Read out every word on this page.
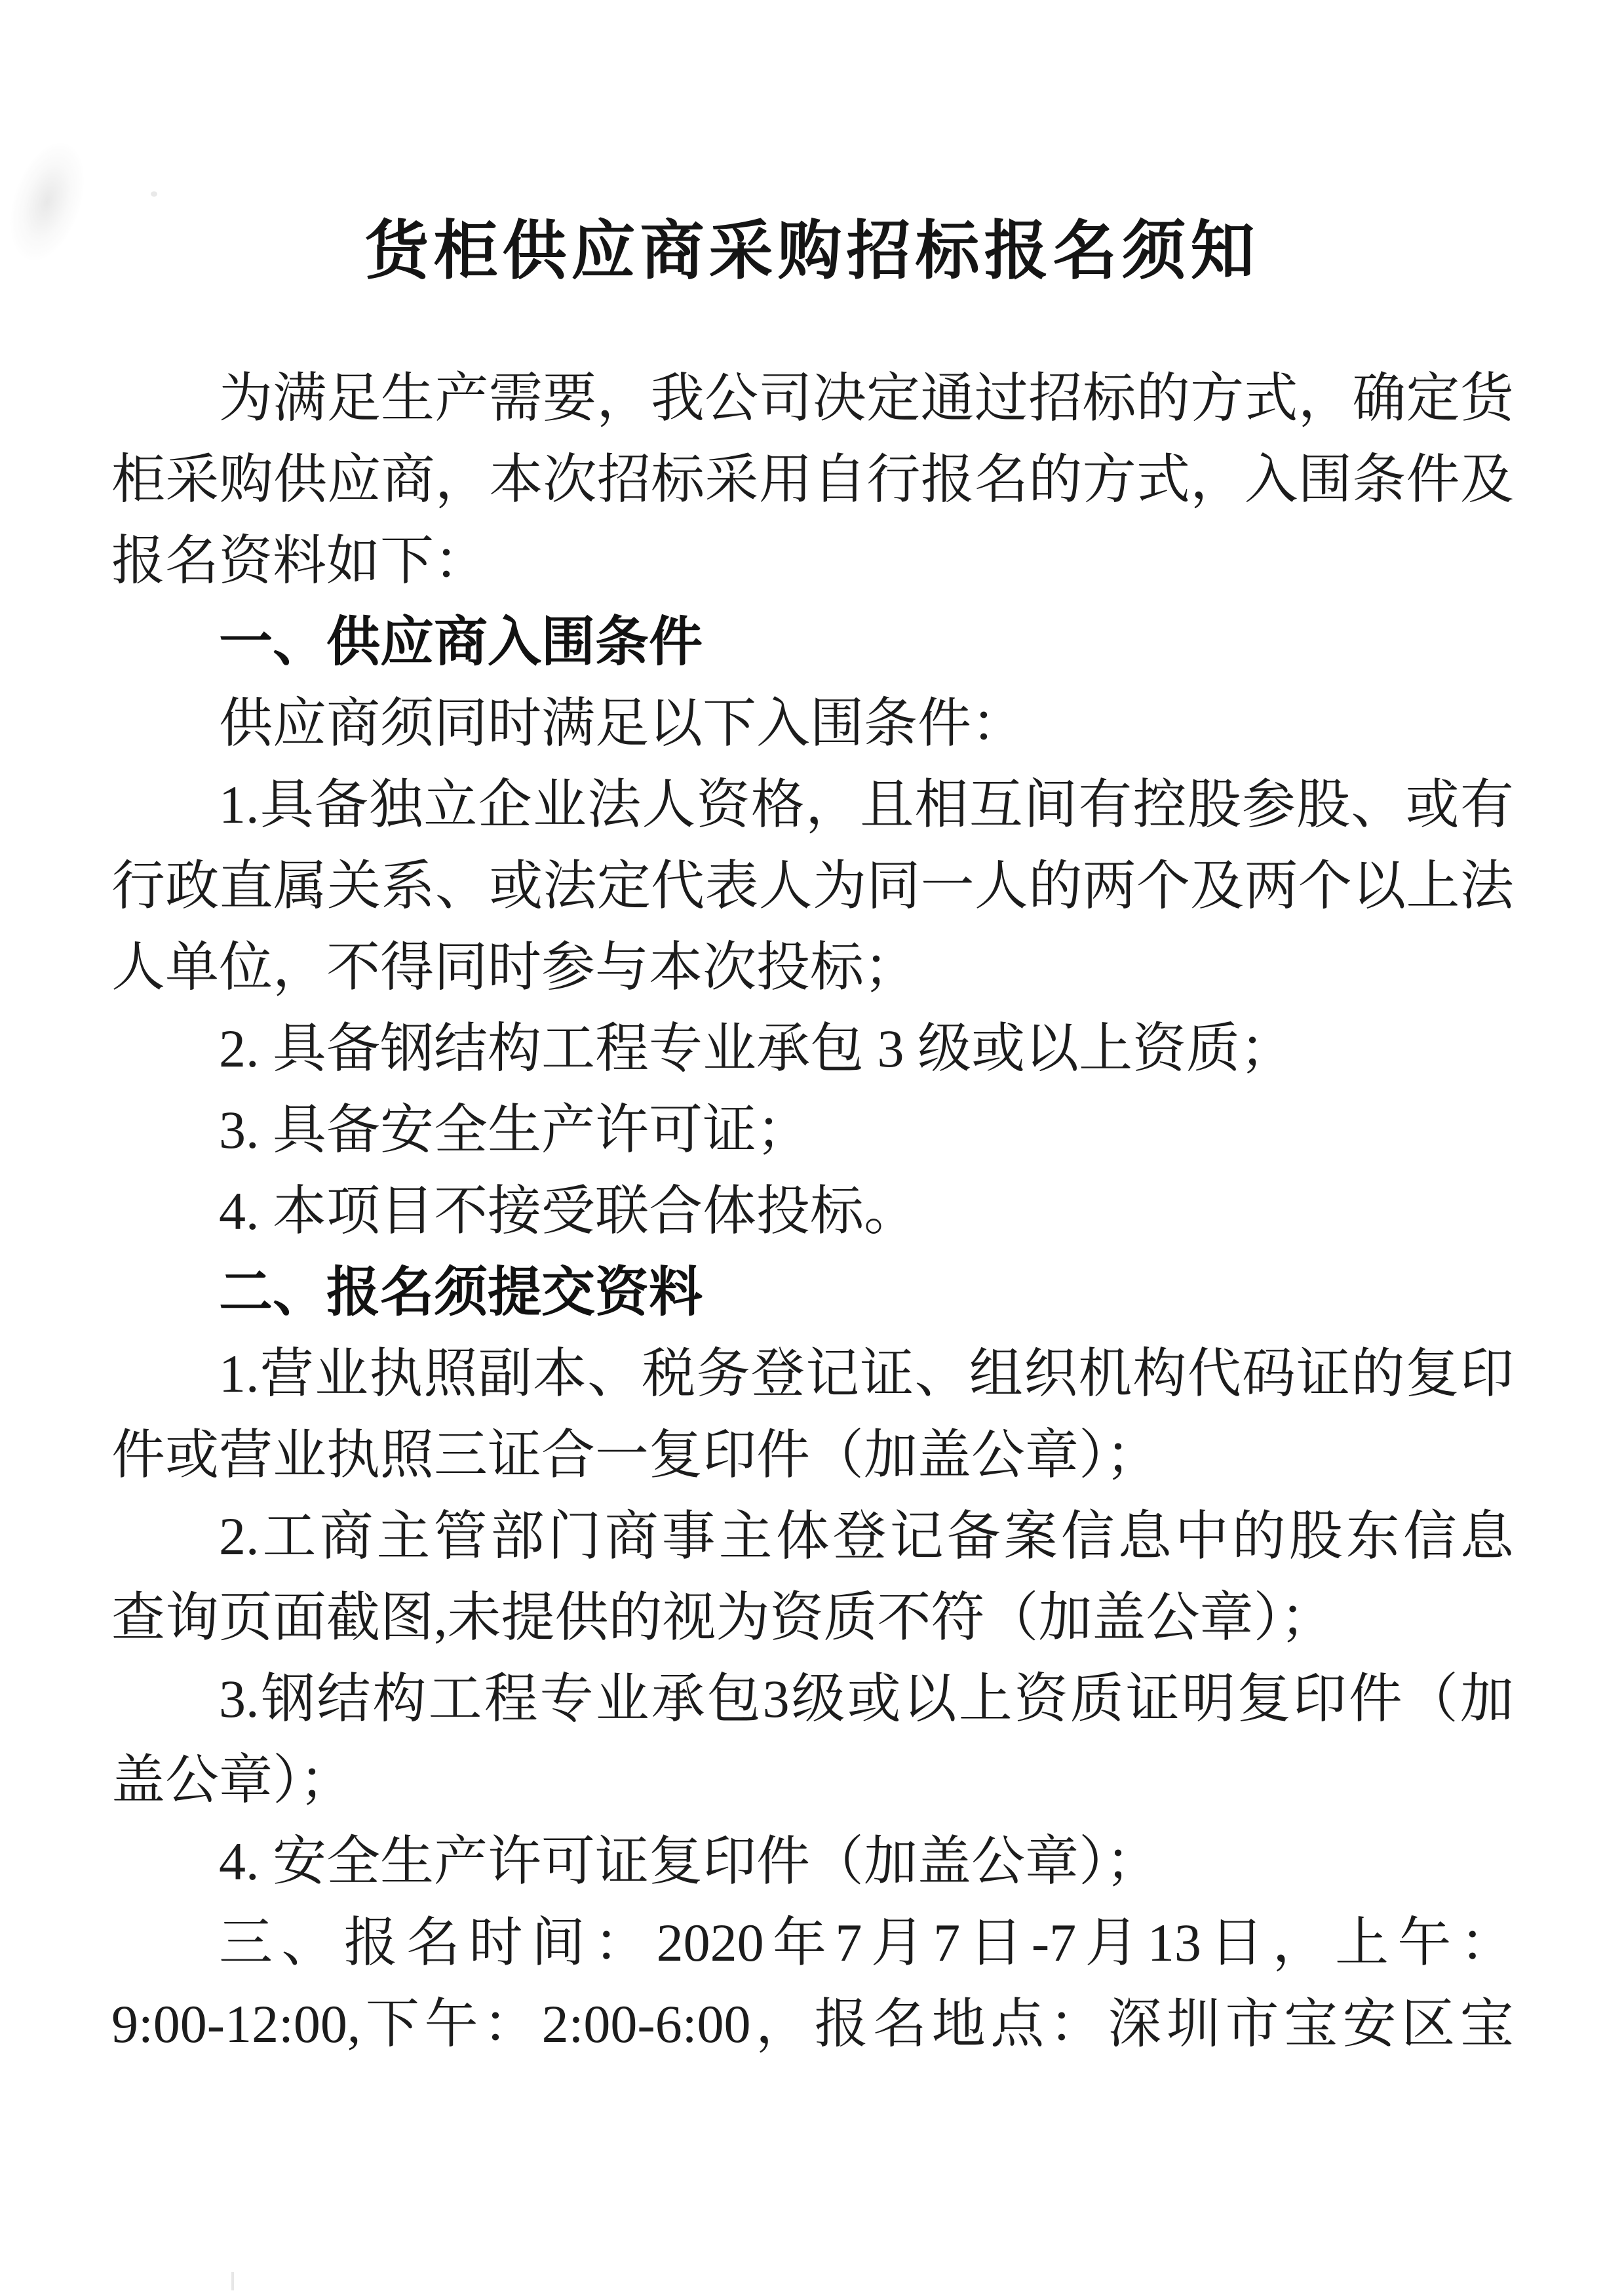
货柜供应商采购招标报名须知
为 满 足 生 产 需 要 ， 我 公 司 决 定 通 过 招 标 的 方 式 ， 确 定 货
柜 采 购 供 应 商 ， 本 次 招 标 采 用 自 行 报 名 的 方 式 ， 入 围 条 件 及
报名资料如下：
一、供应商入围条件
供应商须同时满足以下入围条件：
1. 具 备 独 立 企 业 法 人 资 格 ， 且 相 互 间 有 控 股 参 股 、 或 有
行 政 直 属 关 系 、 或 法 定 代 表 人 为 同 一 人 的 两 个 及 两 个 以 上 法
人单位，不得同时参与本次投标；
2. 具备钢结构工程专业承包 3 级或以上资质；
3. 具备安全生产许可证；
4. 本项目不接受联合体投标。
二、报名须提交资料
1. 营 业 执 照 副 本 、 税 务 登 记 证 、 组 织 机 构 代 码 证 的 复 印
件或营业执照三证合一复印件（加盖公章）；
2. 工 商 主 管 部 门 商 事 主 体 登 记 备 案 信 息 中 的 股 东 信 息
查询页面截图,未提供的视为资质不符（加盖公章）；
3. 钢 结 构 工 程 专 业 承 包 3 级 或 以 上 资 质 证 明 复 印 件 （ 加
盖公章）；
4. 安全生产许可证复印件（加盖公章）；
三 、 报 名 时 间 ： 2020 年 7 月 7 日 -7 月 13 日 ， 上 午 ：
9:00-12:00, 下 午 ： 2:00-6:00 ， 报 名 地 点 ： 深 圳 市 宝 安 区 宝
